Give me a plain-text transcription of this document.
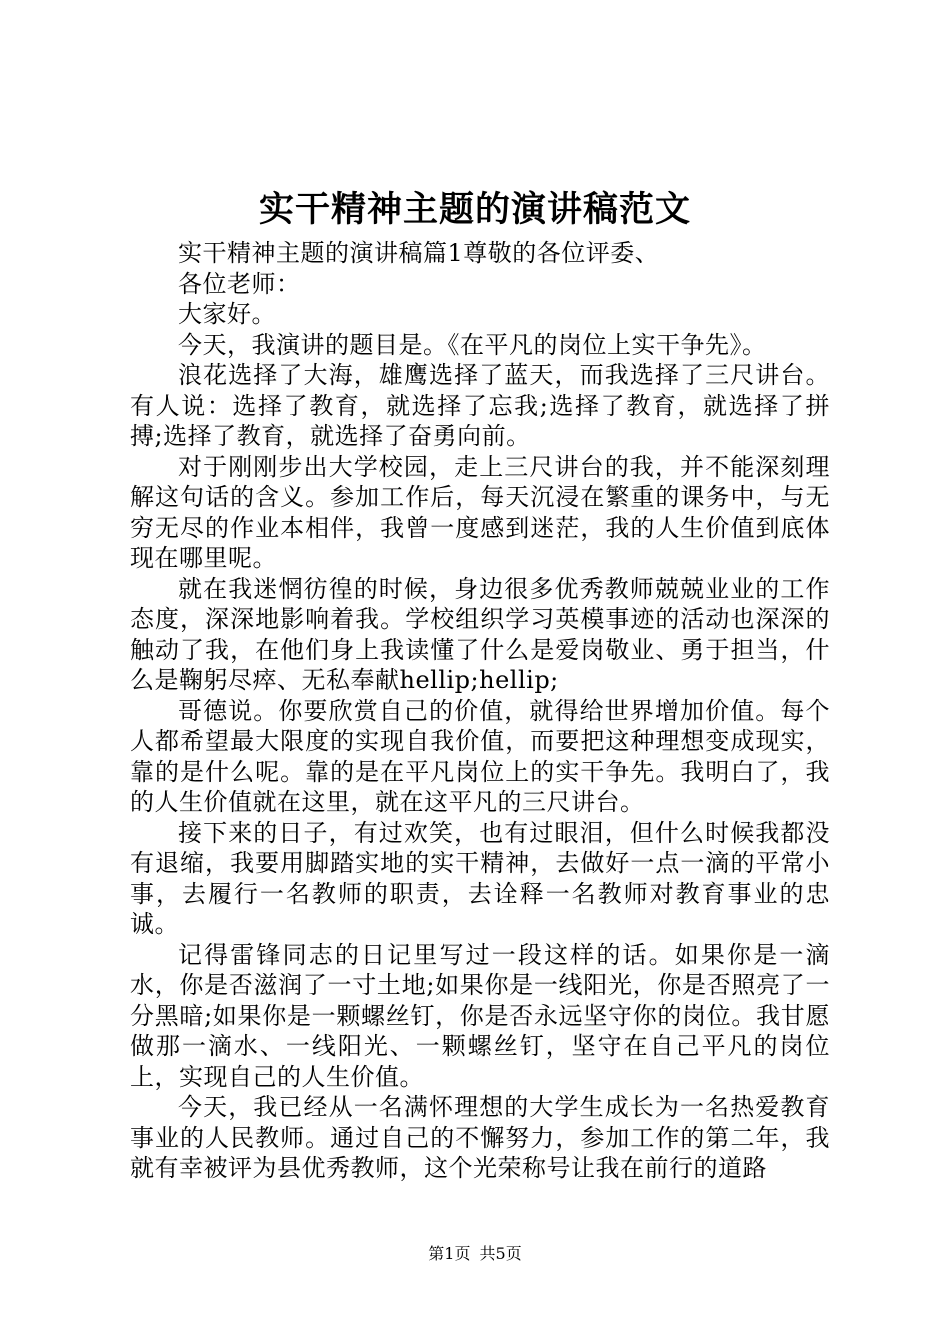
实干精神主题的演讲稿范文

实干精神主题的演讲稿篇1尊敬的各位评委、

各位老师：

大家好。

今天，我演讲的题目是。《在平凡的岗位上实干争先》。

浪花选择了大海，雄鹰选择了蓝天，而我选择了三尺讲台。有人说：选择了教育，就选择了忘我;选择了教育，就选择了拼搏;选择了教育，就选择了奋勇向前。

对于刚刚步出大学校园，走上三尺讲台的我，并不能深刻理解这句话的含义。参加工作后，每天沉浸在繁重的课务中，与无穷无尽的作业本相伴，我曾一度感到迷茫，我的人生价值到底体现在哪里呢。

就在我迷惘彷徨的时候，身边很多优秀教师兢兢业业的工作态度，深深地影响着我。学校组织学习英模事迹的活动也深深的触动了我，在他们身上我读懂了什么是爱岗敬业、勇于担当，什么是鞠躬尽瘁、无私奉献hellip;hellip;

哥德说。你要欣赏自己的价值，就得给世界增加价值。每个人都希望最大限度的实现自我价值，而要把这种理想变成现实，靠的是什么呢。靠的是在平凡岗位上的实干争先。我明白了，我的人生价值就在这里，就在这平凡的三尺讲台。

接下来的日子，有过欢笑，也有过眼泪，但什么时候我都没有退缩，我要用脚踏实地的实干精神，去做好一点一滴的平常小事，去履行一名教师的职责，去诠释一名教师对教育事业的忠诚。

记得雷锋同志的日记里写过一段这样的话。如果你是一滴水，你是否滋润了一寸土地;如果你是一线阳光，你是否照亮了一分黑暗;如果你是一颗螺丝钉，你是否永远坚守你的岗位。我甘愿做那一滴水、一线阳光、一颗螺丝钉，坚守在自己平凡的岗位上，实现自己的人生价值。

今天，我已经从一名满怀理想的大学生成长为一名热爱教育事业的人民教师。通过自己的不懈努力，参加工作的第二年，我就有幸被评为县优秀教师，这个光荣称号让我在前行的道路

第1页 共5页
